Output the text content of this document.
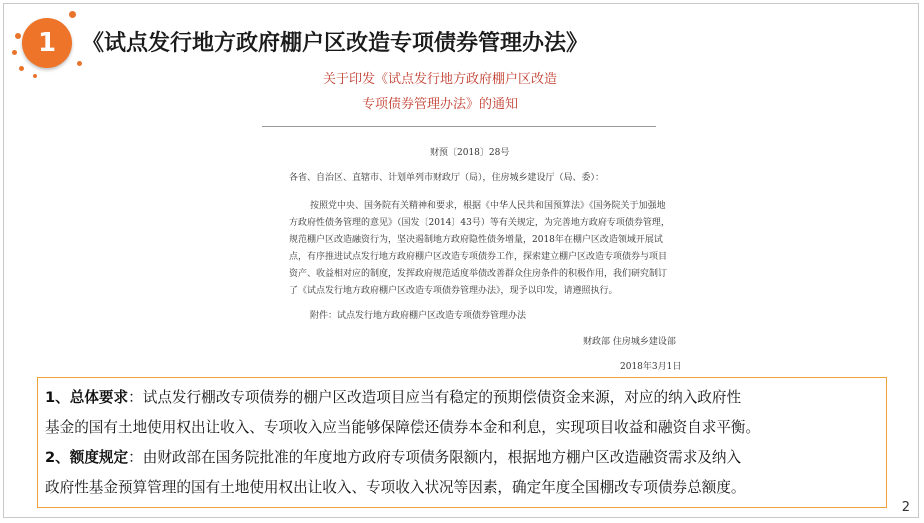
1 《试点发行地方政府棚户区改造专项债券管理办法》
关于印发《试点发行地方政府棚户区改造
专项债券管理办法》的通知
财预〔2018〕28号
各省、自治区、直辖市、计划单列市财政厅（局），住房城乡建设厅（局、委）：
按照党中央、国务院有关精神和要求，根据《中华人民共和国预算法》《国务院关于加强地
方政府性债务管理的意见》（国发〔2014〕43号）等有关规定，为完善地方政府专项债券管理，
规范棚户区改造融资行为，坚决遏制地方政府隐性债务增量，2018年在棚户区改造领域开展试
点，有序推进试点发行地方政府棚户区改造专项债券工作，探索建立棚户区改造专项债券与项目
资产、收益相对应的制度，发挥政府规范适度举债改善群众住房条件的积极作用，我们研究制订
了《试点发行地方政府棚户区改造专项债券管理办法》，现予以印发，请遵照执行。
附件：试点发行地方政府棚户区改造专项债券管理办法
财政部 住房城乡建设部
2018年3月1日
1、总体要求：试点发行棚改专项债券的棚户区改造项目应当有稳定的预期偿债资金来源，对应的纳入政府性
基金的国有土地使用权出让收入、专项收入应当能够保障偿还债券本金和利息，实现项目收益和融资自求平衡。
2、额度规定：由财政部在国务院批准的年度地方政府专项债务限额内，根据地方棚户区改造融资需求及纳入
政府性基金预算管理的国有土地使用权出让收入、专项收入状况等因素，确定年度全国棚改专项债券总额度。
2
